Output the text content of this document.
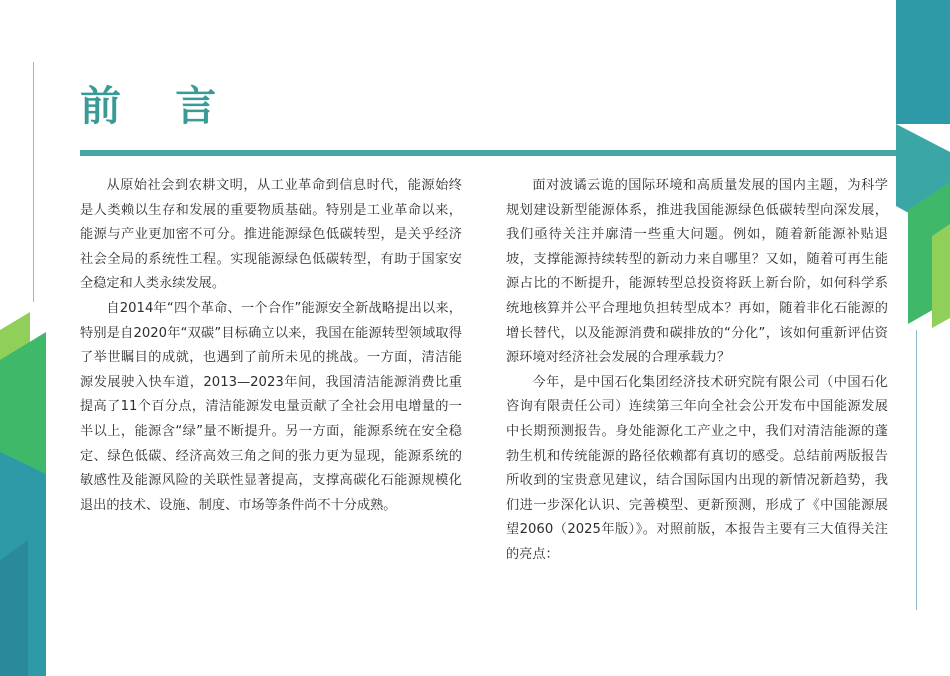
前 言

从原始社会到农耕文明，从工业革命到信息时代，能源始终是人类赖以生存和发展的重要物质基础。特别是工业革命以来，能源与产业更加密不可分。推进能源绿色低碳转型，是关乎经济社会全局的系统性工程。实现能源绿色低碳转型，有助于国家安全稳定和人类永续发展。

自2014年“四个革命、一个合作”能源安全新战略提出以来，特别是自2020年“双碳”目标确立以来，我国在能源转型领域取得了举世瞩目的成就，也遇到了前所未见的挑战。一方面，清洁能源发展驶入快车道，2013—2023年间，我国清洁能源消费比重提高了11个百分点，清洁能源发电量贡献了全社会用电增量的一半以上，能源含“绿”量不断提升。另一方面，能源系统在安全稳定、绿色低碳、经济高效三角之间的张力更为显现，能源系统的敏感性及能源风险的关联性显著提高，支撑高碳化石能源规模化退出的技术、设施、制度、市场等条件尚不十分成熟。

面对波谲云诡的国际环境和高质量发展的国内主题，为科学规划建设新型能源体系，推进我国能源绿色低碳转型向深发展，我们亟待关注并廓清一些重大问题。例如，随着新能源补贴退坡，支撑能源持续转型的新动力来自哪里？又如，随着可再生能源占比的不断提升，能源转型总投资将跃上新台阶，如何科学系统地核算并公平合理地负担转型成本？再如，随着非化石能源的增长替代，以及能源消费和碳排放的“分化”，该如何重新评估资源环境对经济社会发展的合理承载力？

今年，是中国石化集团经济技术研究院有限公司（中国石化咨询有限责任公司）连续第三年向全社会公开发布中国能源发展中长期预测报告。身处能源化工产业之中，我们对清洁能源的蓬勃生机和传统能源的路径依赖都有真切的感受。总结前两版报告所收到的宝贵意见建议，结合国际国内出现的新情况新趋势，我们进一步深化认识、完善模型、更新预测，形成了《中国能源展望2060（2025年版）》。对照前版，本报告主要有三大值得关注的亮点：
